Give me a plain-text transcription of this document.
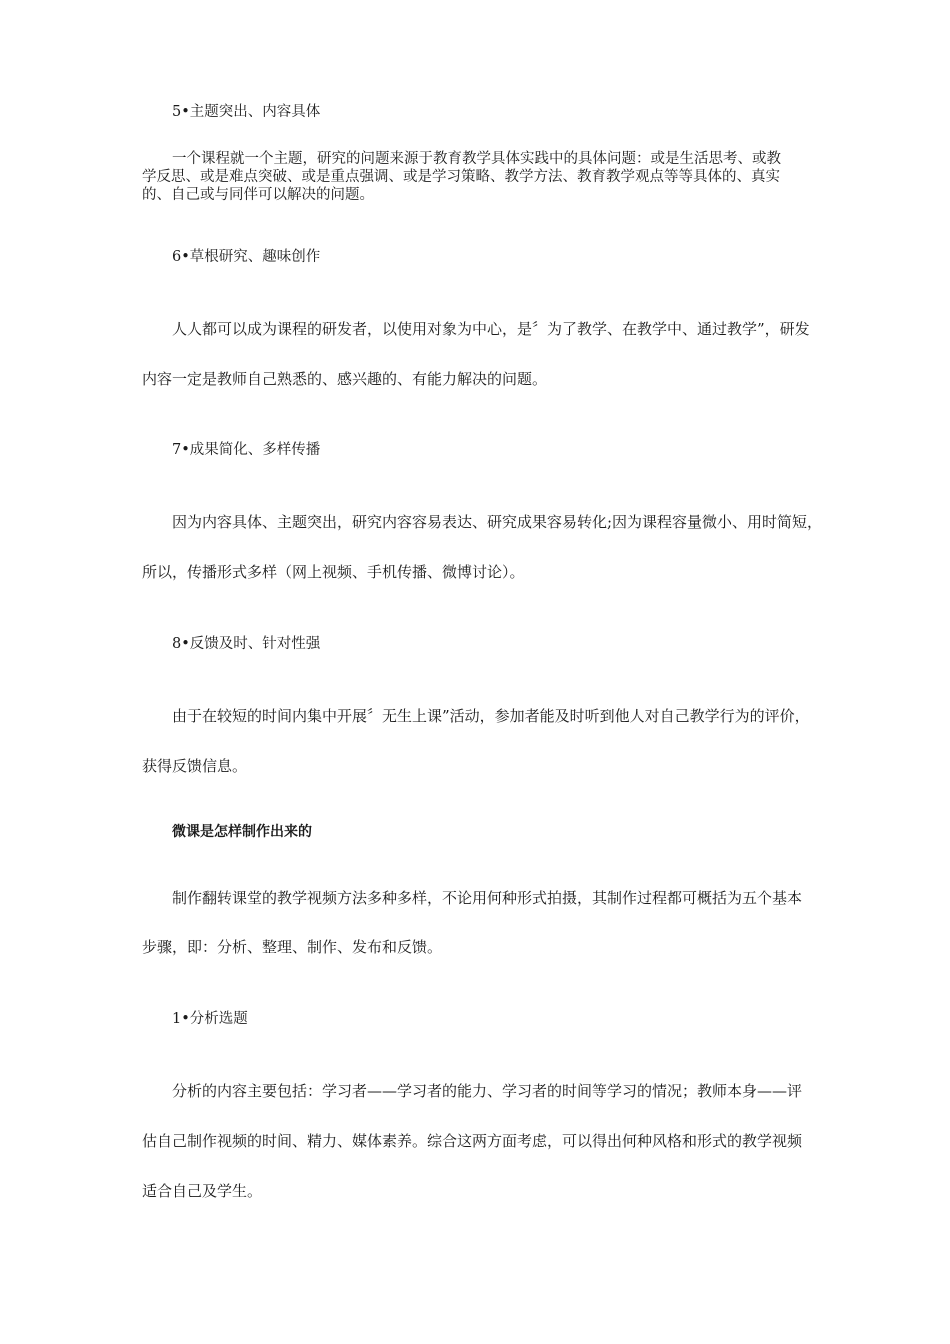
5•主题突出、内容具体
一个课程就一个主题，研究的问题来源于教育教学具体实践中的具体问题：或是生活思考、或教
学反思、或是难点突破、或是重点强调、或是学习策略、教学方法、教育教学观点等等具体的、真实
的、自己或与同伴可以解决的问题。
6•草根研究、趣味创作
人人都可以成为课程的研发者，以使用对象为中心，是〞为了教学、在教学中、通过教学”，研发
内容一定是教师自己熟悉的、感兴趣的、有能力解决的问题。
7•成果简化、多样传播
因为内容具体、主题突出，研究内容容易表达、研究成果容易转化;因为课程容量微小、用时简短，
所以，传播形式多样（网上视频、手机传播、微博讨论）。
8•反馈及时、针对性强
由于在较短的时间内集中开展〞无生上课”活动，参加者能及时听到他人对自己教学行为的评价，
获得反馈信息。
微课是怎样制作出来的
制作翻转课堂的教学视频方法多种多样，不论用何种形式拍摄，其制作过程都可概括为五个基本
步骤，即：分析、整理、制作、发布和反馈。
1•分析选题
分析的内容主要包括：学习者——学习者的能力、学习者的时间等学习的情况；教师本身——评
估自己制作视频的时间、精力、媒体素养。综合这两方面考虑，可以得出何种风格和形式的教学视频
适合自己及学生。
